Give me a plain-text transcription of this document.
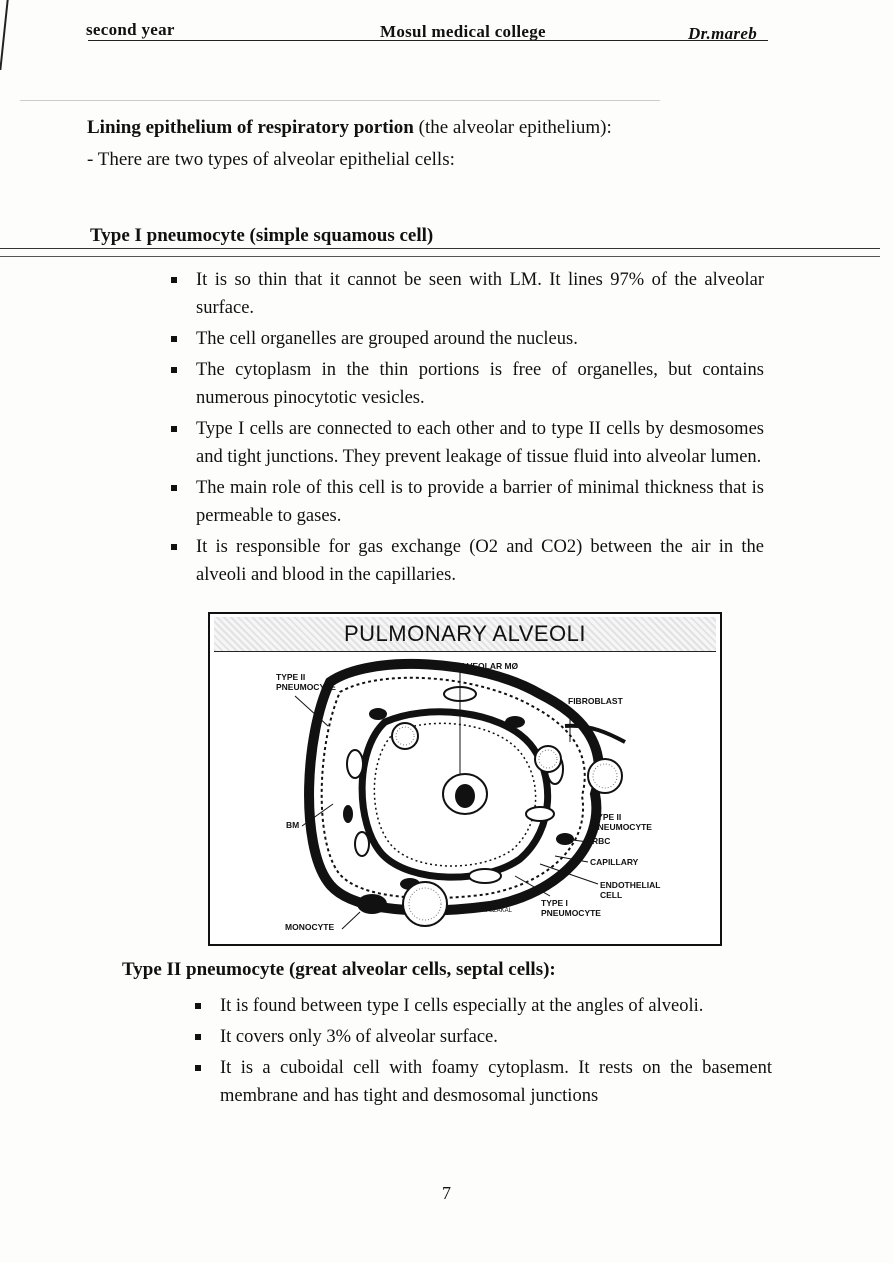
second year	Mosul medical college	Dr.mareb
Lining epithelium of respiratory portion (the alveolar epithelium):
- There are two types of alveolar epithelial cells:
Type I pneumocyte (simple squamous cell)
It is so thin that it cannot be seen with LM. It lines 97% of the alveolar surface.
The cell organelles are grouped around the nucleus.
The cytoplasm in the thin portions is free of organelles, but contains numerous pinocytotic vesicles.
Type I cells are connected to each other and to type II cells by desmosomes and tight junctions. They prevent leakage of tissue fluid into alveolar lumen.
The main role of this cell is to provide a barrier of minimal thickness that is permeable to gases.
It is responsible for gas exchange (O2 and CO2) between the air in the alveoli and blood in the capillaries.
PULMONARY ALVEOLI
TYPE II
PNEUMOCYTE
ALVEOLAR MØ
FIBROBLAST
BM
TYPE II
PNEUMOCYTE
RBC
CAPILLARY
ENDOTHELIAL
CELL
TYPE I
PNEUMOCYTE
MONOCYTE
A.K. SZAKAL
Type II pneumocyte (great alveolar cells, septal cells):
It is found between type I cells especially at the angles of alveoli.
It covers only 3% of alveolar surface.
It is a cuboidal cell with foamy cytoplasm. It rests on the basement membrane and has tight and desmosomal junctions
7
